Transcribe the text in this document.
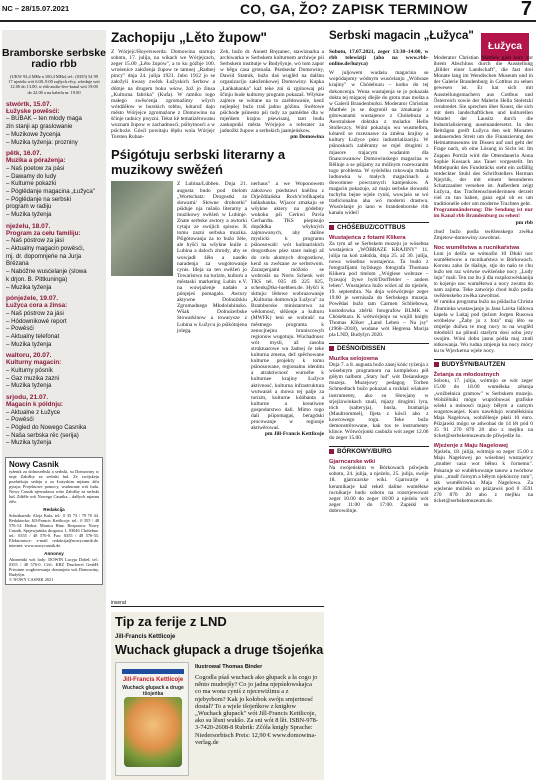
NC – 28/15.07.2021	CO, GA, ŽO? ZAPISK TERMINOW	7
Bramborske serbske radio rbb
(UKW 93,4 MHz a 100,4 MHz) tel.: (0355) 54 99 17 njeźelu wót 6.00–9.00 zajšych rěcy, wšednje wót 12.00 do 13.00, w rbb-audio-live-kanal wót 19.00 do 22.00 a na kabelu nr. 19.00
stwórtk, 15.07.
Łužyske powěsći:
– BUBAK – ten młody maga
zin stanji ap graslowanie
– Muzikowe žycenja
– Muzika tyźenja: prozniny
pětk, 16.07.
Muzika a póraźenja:
– Naš poetow za pási
– Dawamy do ludy
– Kulturne pokazki
– Póglědanje magacina „Łužyca"
– Póglědanje na serbski
program w radiju
– Muzika tyźenja
njeźelu, 18.07.
Program za cełu familiju:
– Naš póstrow za jási
– Aktualny magacin powěsći,
mj. dr. dopomnjeńe na Jurja
Brězana
– Nabóžne wusćelanje (slowa
k drjon. B. Pittkuninga)
– Muzika tyźenja
pónjeźele, 19.07.
Łužyca cora a źinsa:
– Naš póstrow za jási
– Hódownikowé report
– Powěsći
– Aktualny telefonat
– Muzika tyźenja
waltoru, 20.07.
Kulturny magacin:
– Kulturny pósnik
– Gaz muzika zazni
– Muzika tyźenja
srjodu, 21.07.
Magacin k póldnju:
– Aktualne z Łužyce
– Powěsći
– Pógled do Nowego Casnika
– Naša serbska rěc (serija)
– Muzika tyźenja
Nowy Casnik
tyźenik za dolnoserbski a serbski, su Domowiny w imje Załožby za serbski lud. Ze swójskeju pozdatkoju sedaju a za Łużyskim mjasnu źiřu pytaju; Projektowe pomocy, wudawane wót ludu. Nowy Casnik njewudawa wóte Załožby za serbski lud. Zdźěle wót Nowego Casnika – dalšych mjasnu źiřu.
Redakcija
Sobotkarnik: Alojz Kula, tel.: 0 35 73 / 79 70 44. Redaktorka: Jill-Francis Kettlicoje. tel.: 0 355 / 48 576-14. Herbst: Monica Hinz. Rozprawa: Nowy Casnik, Sprjewjańska drogowa 1, 03046 Chóśebuz. tel.: 0355 / 48 576-0. Fax: 0355 / 48 576-33. Elektronisce: e-mail redakcija@nowycasnik.de. internet: www.nowycasnik.de.
Annonsy
Abonentki wót ludy: DOWIN Lucyja Dobeł, tel.: 0355 / 48 576-0. Cišć: KRZ Druckerei GmbH. Priwatne wogłosowanja dostanjośo wót Domowiny, Budyšyn.
© NOWY CASNIK 2021
Zachopiju „Lěto župow"
Z Wórjejc/Hoyerswerda. Domowina startujo sobotu, 17. julija, na wikach we Wórjejcach, zeger 15.00 „Lěto župow", a to ku góźbje 100. wrośenice załoženja župow te tamnej „Radnej pincy" dnja 24. julija 1921. Jubo 1912 jo se załožyli kwasy zwězk Łužyskich Serbow a dómje na drugem boku wśow, žož jo źinsa „Kulturna fabrika" (Kufa). W ramiku togo małego zwěsćenja zgromaźimy wšych wótdźěłow w burskich tobhu, kótaruž dajo město Wórjejce zgromaźone z Domowinu na ščinje radnicy pisyzni. Tekst kě tematizěrowanu wuznam župow w zachadnosći, pśibytnosći a w pśichoźe. Gósći powitaju lěpšu wola Wórjejc Torsten Ruban-
Zeh, bužo dr. Annett Bręzanec, stawiznarka a archiwarka w Serbskem kulturnem archiwje pśi Serbskem institutje w Budyšynje, wó tom zapor w běgu casa grotoaša. Pśedsedar Domowiny, Dawid Statnik, bužo daś wuglěd na dalšnu organizaciju załoženkowej Domowiny. Kupka „Łańkahanka" kaž teke zni śi zgónowaj pśi ščinju bude kulturny program pokazaš. Wšykne zajmce se wótane na to zarědowanie, kenž nejlepšej bužo traš jadnu góźinu. Swětowe pśichode pśinesto pśi tudy za pamědne dla w mjeńšem krajnu pśewisanj, tam budu zaskopniki města Wórjejce a referater za jadnožki župow a serbskich jaamjeńskow.
pm Domowina
Pśigótuju serbski literarny a muzikowy swěźeń
Z Lubina/Lübben. Dnja 21. augusta budo pod titelom „Wortschatz: Drogostki ze słowami/ Słowne drobostki" pśiduje nja rušašo literarny a muzikowy swěźeń w Lubinje. Znate serbske awtory a awtorki cytaju ze swójich spisow. K tomu zazni serbska muzika. Pśigótowanja za to bužo žėle, ale hyšći na wšykne kuiže z Lubina a daloch zhrody, aby se wuwjadł źěło a nasdło naradenja za wugótowanje cynis. Ideja za ten swěźeń jo Towaristwo na turizm, kulturu a městaski marketing Lubin e.V. na wuwjaźenje nadało a pónjejeś pomagalo. Awtory aktywne Dolnožskiu Zgromadnego Młodolubinsko. Wšak Dolnożerbske Stowarkinow a towarysze z Lubina w Łužycu jo pśikótnjena jolegą.
nerhaus" a we Woponowem założowo pśedstawi kněžnu z Drježdźańska Rock'n'rollkapela łańkahanka. Wjacor zmakaju se wšykne aktery na gódebny wukoku pśi Cerkwi Pavla Gerhardta. TKS pśepisujo dopółdka wšykných zajmowanych, aby dalšne myslicki k programu pśinosowali: wót kulinariskich drogostkow pśez stare nałogi až do celu akutnych drogostkow, kenž su zwězane ze serbstwom. Zarazjenjami móžośo se wobrośiś na Noris Schenk wót TKS tel. 035 46 225 025, schenk@tks-luebben.de. Hyšći k sktinju: lědowe wobrazowanje „Kulturna domownja Łužyca" za Bramborske ministarstwo za wědomosć, slěźenje a kulturu (MWFK) teni se wobrašć na městnego programa k zenocjnejnu bruniscowyh regionow wugotuju. Wuchadnosc wót mysli, až zasoba struktuarowe wu žadnej če teke kulturna zmena, dež spěchowane kulturne projekty k tomu pśinosowane, regionalnu identitu a atraktiwnosć wurnéhe k kulturnee krajiny Łužyce aktivnosć, kulturna infrastruktura wutwaraš a mowa tej palje za turizm, kulturne kóńbanta a kulturne a kreatiwne gospodarstwo dali. Mimo togo dali pśipomagaś, beragdski procowanje w regionje aktiwěrowaś.
pm Jill-Francis Kettlicoje
inserat
Tip za ferije z LND
Jill-Francis Kettlicoje
Wuchack głupack a druge tšojeńka
Jill-Francis Kettlicoje
Wuchack głupack a druge tšojeńka
Ilustrowal Thomas Binder
Cogodla pśaš wuchack ako głupack a ła cogo jo něnto mudrejšy? Co jo jadna njepśełowskajca co ma wona cyniś z njecewiźimu a z njebyrbom? Kak jo kołobok swóju smjertnosć dostał? To a wjele tšojeńkow z knigłow „Wuchack głupack" wót Jill-Francis Kettlicoje, ako su lěsni wukšo. Za sni wót 8 lět. ISBN-978-3-7420-2608-8 Rubrik: Zčóla knigły Sprache: Niedersorbisch Preis: 12,90 € www.domowina-verlag.de
Łužyca
Serbski magacin „Łužyca"
Sobotu, 17.07.2021, zeger 13:30–14:00, w rbb telewiziji (abo na www.rbb-online.de/luzyca)
W juljowem wudaśu magacina se wopódajomy wódnym wusćelanju „Wóbraze krajiny" w Chóśebuzu – kotko do tej dokoncenja. Wona wustajenja se jo pokazała dokta tej migacej dlejše do grota mas mošta a w Galerii Brandenburku. Moderator Christian Matthée jo se dogronił na zmakanje z gótowanami wustajence z Chóśebuza a Awstralskee doktska z molarku Hellu Stolleczcy. Wóni pokażuju wu wusmelbru, kótarež se rozeznawe za změna krajiny a kultury Łužyce pśez industrializaciju. W pśinoskach zaběramy se mjel drugimi z mjasore trajacym wudanim dla financowanow Domowinskego magacina w Bělinje a se pśijamy za móžnym rozewzanim togo problema. W syśelslku rokowaju mlada ludnowka w małych magacinach a dowomnee powrzonych kamjenkow. A magacin pokazujo, aż maju serbske słowarki tuchyhu bejne wjele cyniś, wuwjaśo se wó tradicionalnu aha wó moderni drastwu. Wusćelanje jo iano w brandenborske rbb kanalu wideś!
CHÓŚEBUZ/COTTBUS
Wustajeńca z fotami Klikera
Za tym až se Serbskem muzeju jo wósebna wustajeńca „WÓBRAZE KRAJINY" 11. julija na koń załožda, dnja 25. až 30. julija, nowa wósebna wustajeńca. Ta budo z fotografijami hyžskego fotografa Thomasa Klikera pod titelom „Wóglese wobraze – fyzeajoj žywe bytš/Dorffelder – anders leben". Wustajeńca bužo wiźeś až do njeźele, 19. septembra. Na dnja wótwórjenje zeger 19.00 je wernisaža do Serbskego muzeja. Powědaś bužo tam Carmen Schliebowa, kustodowka zběrki fotografow BLMK w Chóśebuzu. K wótwórjenju su wujili knigły Thomas Kliker „Land Leben – Na jsy" (1968–2018), wudane wót Hegrena Macija pla LND, Budyšyn 2020.
DEŚNO/DISSEN
Muzika selojowna
Dnja 7. a 8. augusta bužo zasej kóńc tyźenja z wósebnym programom na kompleksu pół gółym nalbom „Stary lud" wót Deśanskego muzeja. Muzejowy pedagog Torben Schmedtach bužo pokazaś a rozkłaź wšakore instrumenty, ako su Słowjany w srjejźowinkach znali, mjazy drugimi lyra, tóch (salteryja), husla, bramarija (Maultrommel), fljeta z kósći abo z kowrowego rogu. Teke bužo demonstrěrowane, kak tos te instrumenty klince. Wótwórjonki casbužo wót zeger 12.00 do zeger 15.00.
BÓRKOWY/BURG
Gjarncarske wiki
Na swójeńskim w Bórkowach pśiwjedu sobotu, 24. julija, a njeźelu, 25. julija, swóje 18. gjarncarske wiki. Gjarncarje a keramikarje kaž tekež daline wuměłske rucnikarje budu sobotu na rozstrjewowaś zeger 10.00 do zeger 18:00 a njeźelu wót zeger 11:00 do 17:00. Zapiski su dobrowólnje.
Moderator Christian Matthée gjeh kurz vor ihrem Abschluss durch die Ausstellung „Bilder einer Landschaft", die fast drei Monate lang im Wendischen Museum und in der Galerie Brandenburg in Cottbus zu sehen gewesen ist. Er hat sich mit Ausstellungsmachern aus Cottbus und Österreich sowie der Malerin Hella Stoletzki verabredet. Sie sprechen über Kunst, die sich mit dem landschaftlichen und kulturellen Wandel der Lausitz durch die Industrialisierung auseinandersetzt. In den Beiträgen greift Łužyca den seit Monaten andauernden Streit um die Finanzierung des Heimatmuseums im Dissen auf und geht der Frage nach, ob eine Lösung in Sicht ist. Im Zuppen Porträt wird die Ottendauerin Anna Sophie Kossack aus Tauer vorgestellt. Im Mittelpunkt des Fundstücks steht ein zufällig entdeckter Stuhl des Schriftstellers Herman Njejclik, der mit einem besonderen Schatzzauber versehen ist. Außerdem zeigt Łužyca, das Trachtenschneiderinnen derzeit viel zu tun haben, ganz egal ob es um traditionelle oder um moderne Trachten geht.
Programmänderung: Die Sendung ist nur im Kanal rbb Brandenburg zu sehen!
pm rbb
chod bužo podla swěźenskego zwěka Zmjetow-domowiny zawobraś.
Noc wuměłstwa a rucnikaŕstwa
Łoni jo dešča se wótnošlo 10 Dłuki noc wuměłstwow a rucnikaŕstwa w Bórkowach. Koronu zaho že tšašnje, stjo do našo te chu bužo ten raz wótwne swěźeńske nocy „Ludy śnju" mali. Ten raz bu ji dla rozpšozwěskanija to kojenjo noc wuměłstwa a nocy zwutra do nam zajima. Teke zatwórjo chod bužo podla swěźenskeho zwěka zawobraś.
W ramiku programa bužo na pśidacha Christa Zbuminka wustawjanje ju Jana Lavka lidlowa kapela w Lukaj pod rjeźom Jorgen Rusowa wróbelow „Žaby jo z fota" maj lěto se zmjeńje dužwa te mog nocy tu na wuglěd młodošći na pšinuli staršym dosi sobu jezy swojim. Wóni dobu jasnu pódla maj ztudi nitkowanja. Wu rudna zmjenja ku nocy mócy ku tu Wjeckerna wjele nocy.
BUDYŠYN/BAUTZEN
Žetanja za młodostnych
Sobotu, 17. julija, wótmijo se wót zeger 15.00 do 18.00 wuměłska zětanja „woźbełnica gramow" w Serbskem muzeju. Wobźělniki mógu wupróbowaś grafiske wšekł a mónosći mjazy běłym a carnym wugotowanjeś. Kurs nawědujo wuměłskinia Maja Nagelowa, wobźělenje płaśi 10 euro. Pśizjawki mógu se adwobaś do 14 lět pód 0 35 91 270 870 20 abo z mejlku na ticket@serbskemuzeum.de přiwjedźe šo.
Wjeźenje z Maju Nagelowej
Njeźelu, 18. julija, wótmijo so zeger 15.00 z Maju Nagelowej po wósebnej wustajeńcy „mudter casa wot běłnu k čornemu". Pokazuje so wuběrkowanje tanow a twórbow plus. „mudř čornym a běłym njekóncny rum", tak wuměłcowka Maja Nagelowa. Za wjeźenie móžešo so pśizjawiś pod 0 3591 270 870 20 abo z mejlku na ticket@serbskemuzeum.de.
